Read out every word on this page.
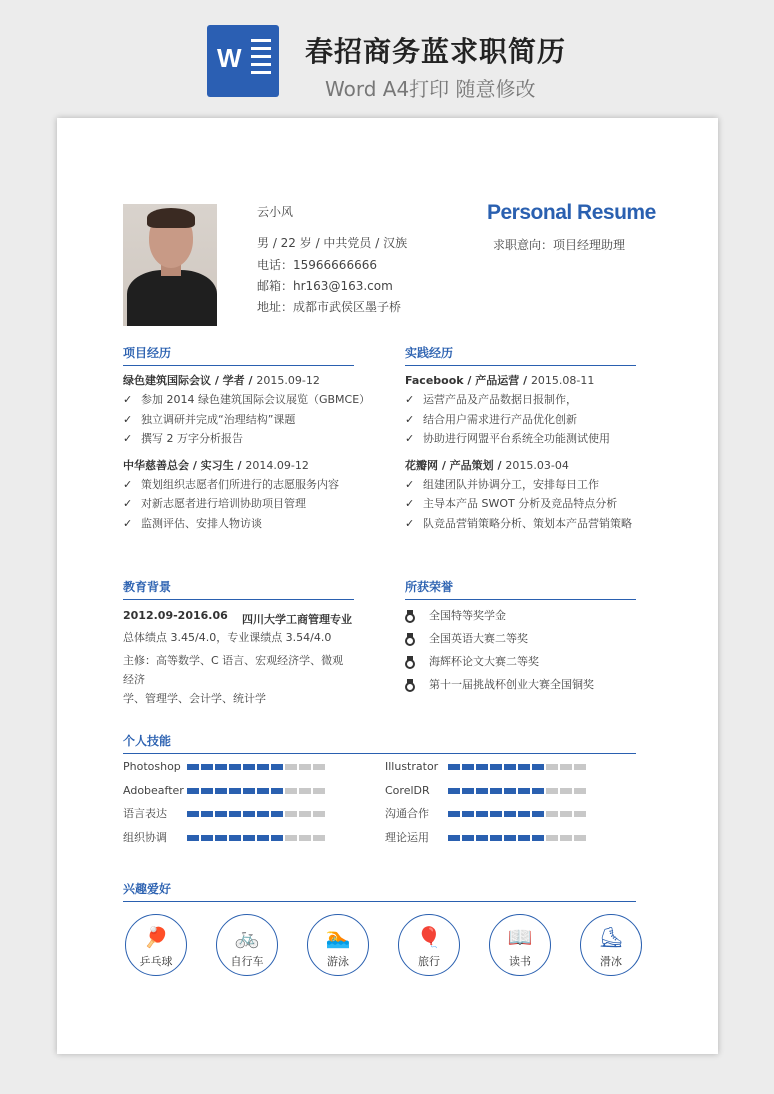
W 春招商务蓝求职简历
Word A4打印 随意修改
云小风
男 / 22 岁 / 中共党员 / 汉族
电话：15966666666
邮箱：hr163@163.com
地址：成都市武侯区墨子桥
Personal Resume
求职意向：项目经理助理
项目经历
绿色建筑国际会议 / 学者 / 2015.09-12
✓ 参加 2014 绿色建筑国际会议展览（GBMCE）
✓ 独立调研并完成“治理结构”课题
✓ 撰写 2 万字分析报告
中华慈善总会 / 实习生 / 2014.09-12
✓ 策划组织志愿者们所进行的志愿服务内容
✓ 对新志愿者进行培训协助项目管理
✓ 监测评估、安排人物访谈
实践经历
Facebook / 产品运营 / 2015.08-11
✓ 运营产品及产品数据日报制作，
✓ 结合用户需求进行产品优化创新
✓ 协助进行网盟平台系统全功能测试使用
花瓣网 / 产品策划 / 2015.03-04
✓ 组建团队并协调分工，安排每日工作
✓ 主导本产品 SWOT 分析及竞品特点分析
✓ 队竞品营销策略分析、策划本产品营销策略
教育背景
2012.09-2016.06 四川大学工商管理专业
总体绩点 3.45/4.0，专业课绩点 3.54/4.0
主修：高等数学、C 语言、宏观经济学、微观经济
学、管理学、会计学、统计学
所获荣誉
全国特等奖学金
全国英语大赛二等奖
海辉杯论文大赛二等奖
第十一届挑战杯创业大赛全国铜奖
个人技能
Photoshop
Adobeafter
语言表达
组织协调
Illustrator
CorelDR
沟通合作
理论运用
兴趣爱好
🏓
乒乓球
🚲
自行车
🏊
游泳
🎈
旅行
📖
读书
⛸
滑冰
